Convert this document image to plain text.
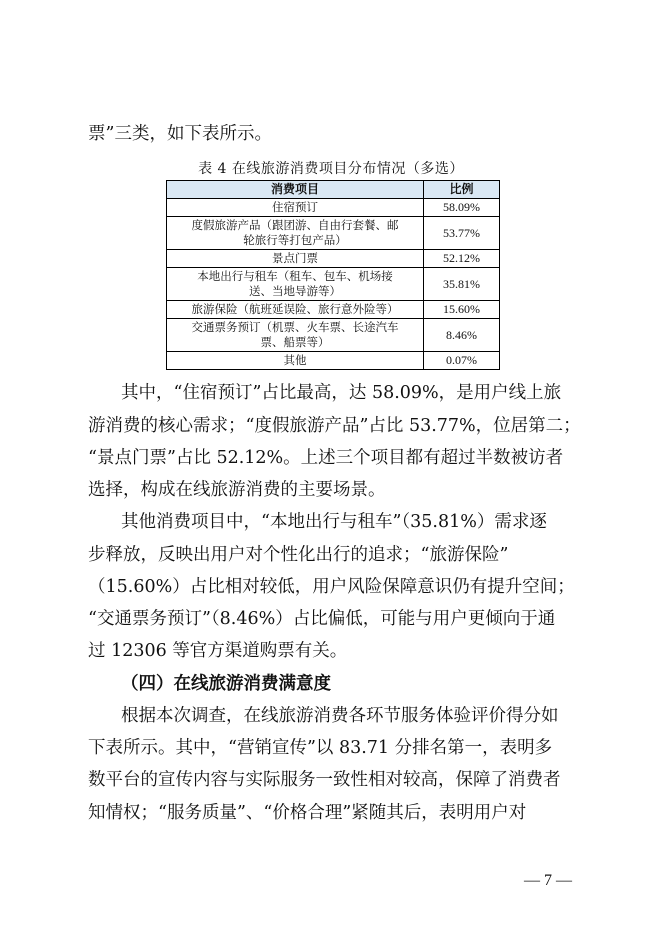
票”三类，如下表所示。
表 4 在线旅游消费项目分布情况（多选）
消费项目	比例
住宿预订	58.09%
度假旅游产品（跟团游、自由行套餐、邮
轮旅行等打包产品）	53.77%
景点门票	52.12%
本地出行与租车（租车、包车、机场接
送、当地导游等）	35.81%
旅游保险（航班延误险、旅行意外险等）	15.60%
交通票务预订（机票、火车票、长途汽车
票、船票等）	8.46%
其他	0.07%
其中，“住宿预订”占比最高，达 58.09%，是用户线上旅
游消费的核心需求；“度假旅游产品”占比 53.77%，位居第二；
“景点门票”占比 52.12%。上述三个项目都有超过半数被访者
选择，构成在线旅游消费的主要场景。
其他消费项目中，“本地出行与租车”（35.81%）需求逐
步释放，反映出用户对个性化出行的追求；“旅游保险”
（15.60%）占比相对较低，用户风险保障意识仍有提升空间；
“交通票务预订”（8.46%）占比偏低，可能与用户更倾向于通
过 12306 等官方渠道购票有关。
（四）在线旅游消费满意度
根据本次调查，在线旅游消费各环节服务体验评价得分如
下表所示。其中，“营销宣传”以 83.71 分排名第一，表明多
数平台的宣传内容与实际服务一致性相对较高，保障了消费者
知情权；“服务质量”、“价格合理”紧随其后，表明用户对
— 7 —
